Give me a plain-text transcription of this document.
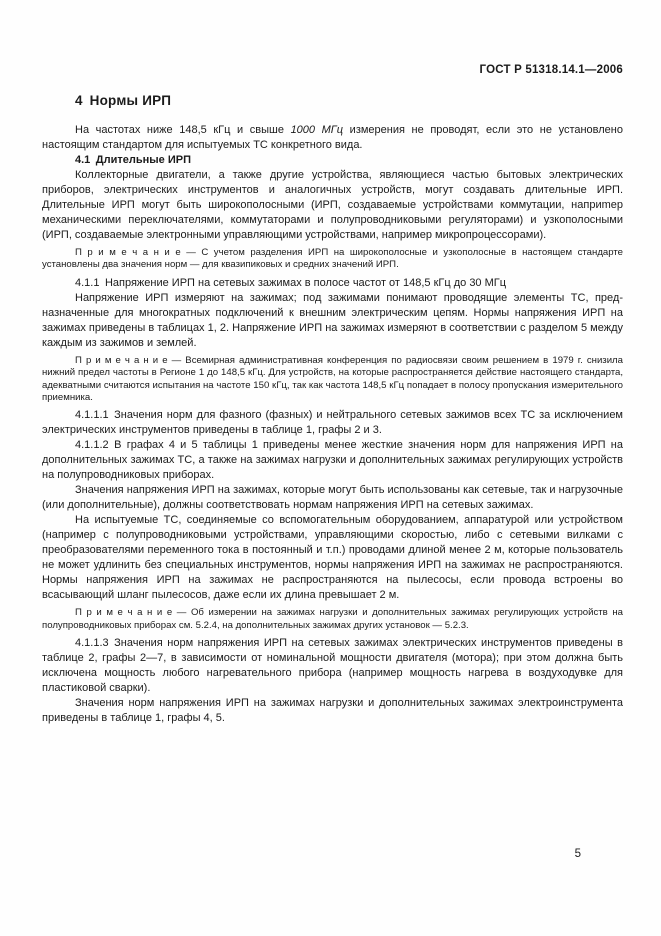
ГОСТ Р 51318.14.1—2006
4 Нормы ИРП

На частотах ниже 148,5 кГц и свыше 1000 МГц измерения не проводят, если это не установлено настоящим стандартом для испытуемых ТС конкретного вида.

4.1 Длительные ИРП

Коллекторные двигатели, а также другие устройства, являющиеся частью бытовых электрических приборов, электрических инструментов и аналогичных устройств, могут создавать длительные ИРП. Длительные ИРП могут быть широкополосными (ИРП, создаваемые устройствами коммутации, наприmер механическими переключателями, коммутаторами и полупроводниковыми регуляторами) и узкополосными (ИРП, создаваемые электронными управляющими устройствами, например микропроцессорами).

П р и м е ч а н и е — С учетом разделения ИРП на широкополосные и узкополосные в настоящем стандарте установлены два значения норм — для квазипиковых и средних значений ИРП.

4.1.1 Напряжение ИРП на сетевых зажимах в полосе частот от 148,5 кГц до 30 МГц

Напряжение ИРП измеряют на зажимах; под зажимами понимают проводящие элементы ТС, предназначенные для многократных подключений к внешним электрическим цепям. Нормы напряжения ИРП на зажимах приведены в таблицах 1, 2. Напряжение ИРП на зажимах измеряют в соответствии с разделом 5 между каждым из зажимов и землей.

П р и м е ч а н и е — Всемирная административная конференция по радиосвязи своим решением в 1979 г. снизила нижний предел частоты в Регионе 1 до 148,5 кГц. Для устройств, на которые распространяется действие настоящего стандарта, адекватными считаются испытания на частоте 150 кГц, так как частота 148,5 кГц попадает в полосу пропускания измерительного приемника.

4.1.1.1 Значения норм для фазного (фазных) и нейтрального сетевых зажимов всех ТС за исключением электрических инструментов приведены в таблице 1, графы 2 и 3.

4.1.1.2 В графах 4 и 5 таблицы 1 приведены менее жесткие значения норм для напряжения ИРП на дополнительных зажимах ТС, а также на зажимах нагрузки и дополнительных зажимах регулирующих устройств на полупроводниковых приборах.

Значения напряжения ИРП на зажимах, которые могут быть использованы как сетевые, так и нагрузочные (или дополнительные), должны соответствовать нормам напряжения ИРП на сетевых зажимах.

На испытуемые ТС, соединяемые со вспомогательным оборудованием, аппаратурой или устройством (например с полупроводниковыми устройствами, управляющими скоростью, либо с сетевыми вилками с преобразователями переменного тока в постоянный и т.п.) проводами длиной менее 2 м, которые пользователь не может удлинить без специальных инструментов, нормы напряжения ИРП на зажимах не распространяются. Нормы напряжения ИРП на зажимах не распространяются на пылесосы, если провода встроены во всасывающий шланг пылесосов, даже если их длина превышает 2 м.

П р и м е ч а н и е — Об измерении на зажимах нагрузки и дополнительных зажимах регулирующих устройств на полупроводниковых приборах см. 5.2.4, на дополнительных зажимах других установок — 5.2.3.

4.1.1.3 Значения норм напряжения ИРП на сетевых зажимах электрических инструментов приведены в таблице 2, графы 2—7, в зависимости от номинальной мощности двигателя (мотора); при этом должна быть исключена мощность любого нагревательного прибора (например мощность нагрева в воздуходувке для пластиковой сварки).

Значения норм напряжения ИРП на зажимах нагрузки и дополнительных зажимах электроинструмента приведены в таблице 1, графы 4, 5.

5
